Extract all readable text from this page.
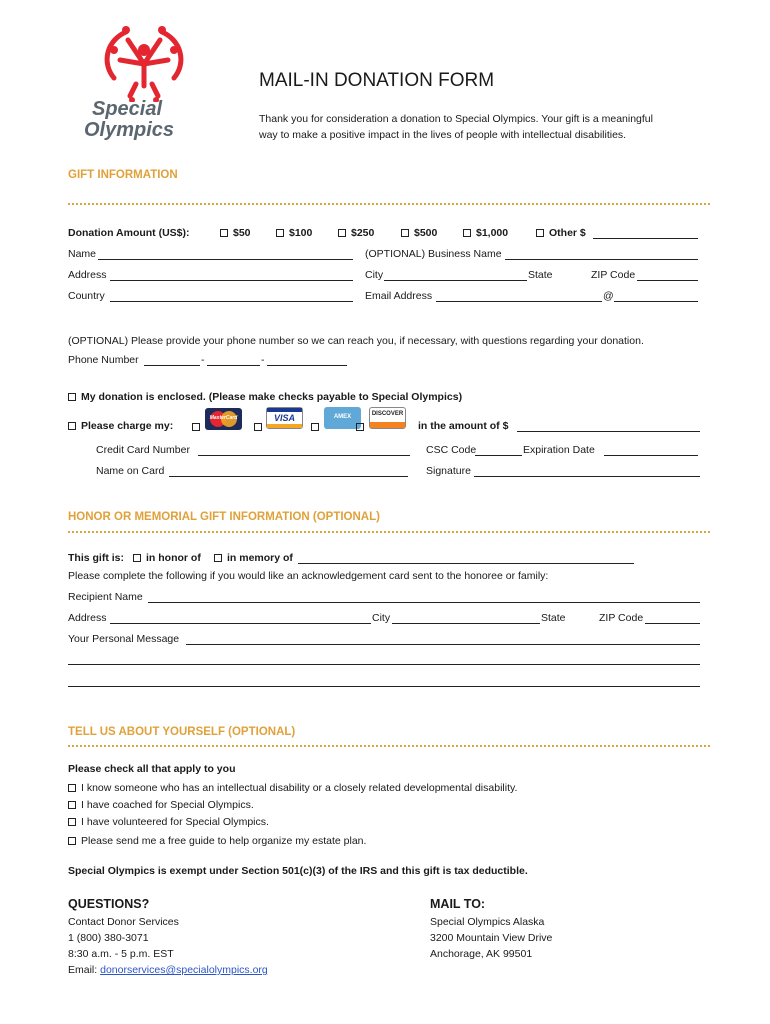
Special
Olympics
MAIL-IN DONATION FORM
Thank you for consideration a donation to Special Olympics. Your gift is a meaningful
way to make a positive impact in the lives of people with intellectual disabilities.
GIFT INFORMATION
Donation Amount (US$):	$50	$100	$250	$500	$1,000	Other $
Name	(OPTIONAL) Business Name
Address	City	State	ZIP Code
Country	Email Address	@
(OPTIONAL) Please provide your phone number so we can reach you, if necessary, with questions regarding your donation.
Phone Number	-	-
My donation is enclosed. (Please make checks payable to Special Olympics)
Please charge my:
MasterCard	VISA	AMEX	DISCOVER
in the amount of $
Credit Card Number	CSC Code	Expiration Date
Name on Card	Signature
HONOR OR MEMORIAL GIFT INFORMATION (OPTIONAL)
This gift is:	in honor of	in memory of
Please complete the following if you would like an acknowledgement card sent to the honoree or family:
Recipient Name
Address	City	State	ZIP Code
Your Personal Message
TELL US ABOUT YOURSELF (OPTIONAL)
Please check all that apply to you
I know someone who has an intellectual disability or a closely related developmental disability.
I have coached for Special Olympics.
I have volunteered for Special Olympics.
Please send me a free guide to help organize my estate plan.
Special Olympics is exempt under Section 501(c)(3) of the IRS and this gift is tax deductible.
QUESTIONS?
Contact Donor Services
1 (800) 380-3071
8:30 a.m. - 5 p.m. EST
Email: donorservices@specialolympics.org
MAIL TO:
Special Olympics Alaska
3200 Mountain View Drive
Anchorage, AK 99501
